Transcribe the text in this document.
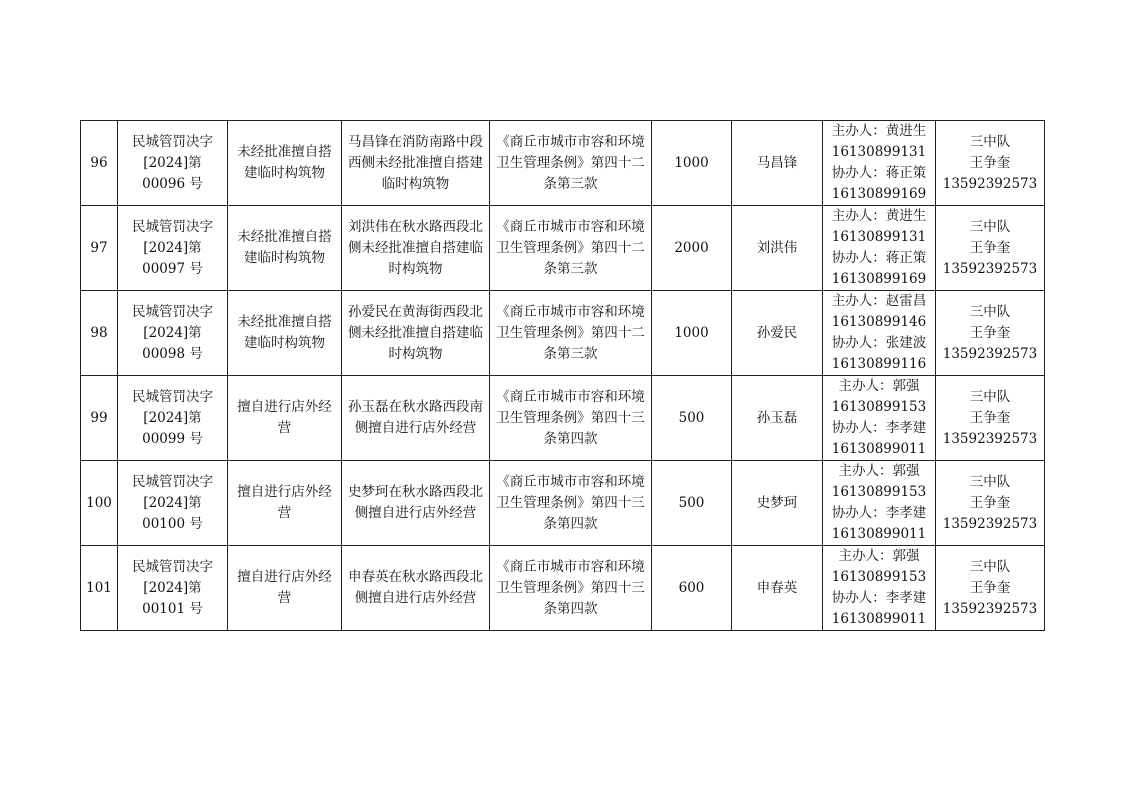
96	民城管罚决字
[2024]第
00096 号	未经批准擅自搭建临时构筑物	马昌锋在消防南路中段西侧未经批准擅自搭建临时构筑物	《商丘市城市市容和环境卫生管理条例》第四十二条第三款	1000	马昌锋	主办人：黄进生
16130899131
协办人：蒋正策
16130899169	三中队
王争奎
13592392573

97	民城管罚决字
[2024]第
00097 号	未经批准擅自搭建临时构筑物	刘洪伟在秋水路西段北侧未经批准擅自搭建临时构筑物	《商丘市城市市容和环境卫生管理条例》第四十二条第三款	2000	刘洪伟	主办人：黄进生
16130899131
协办人：蒋正策
16130899169	三中队
王争奎
13592392573

98	民城管罚决字
[2024]第
00098 号	未经批准擅自搭建临时构筑物	孙爱民在黄海街西段北侧未经批准擅自搭建临时构筑物	《商丘市城市市容和环境卫生管理条例》第四十二条第三款	1000	孙爱民	主办人：赵雷昌
16130899146
协办人：张建波
16130899116	三中队
王争奎
13592392573

99	民城管罚决字
[2024]第
00099 号	擅自进行店外经营	孙玉磊在秋水路西段南侧擅自进行店外经营	《商丘市城市市容和环境卫生管理条例》第四十三条第四款	500	孙玉磊	主办人：郭强
16130899153
协办人：李孝建
16130899011	三中队
王争奎
13592392573

100	民城管罚决字
[2024]第
00100 号	擅自进行店外经营	史梦珂在秋水路西段北侧擅自进行店外经营	《商丘市城市市容和环境卫生管理条例》第四十三条第四款	500	史梦珂	主办人：郭强
16130899153
协办人：李孝建
16130899011	三中队
王争奎
13592392573

101	民城管罚决字
[2024]第
00101 号	擅自进行店外经营	申春英在秋水路西段北侧擅自进行店外经营	《商丘市城市市容和环境卫生管理条例》第四十三条第四款	600	申春英	主办人：郭强
16130899153
协办人：李孝建
16130899011	三中队
王争奎
13592392573
